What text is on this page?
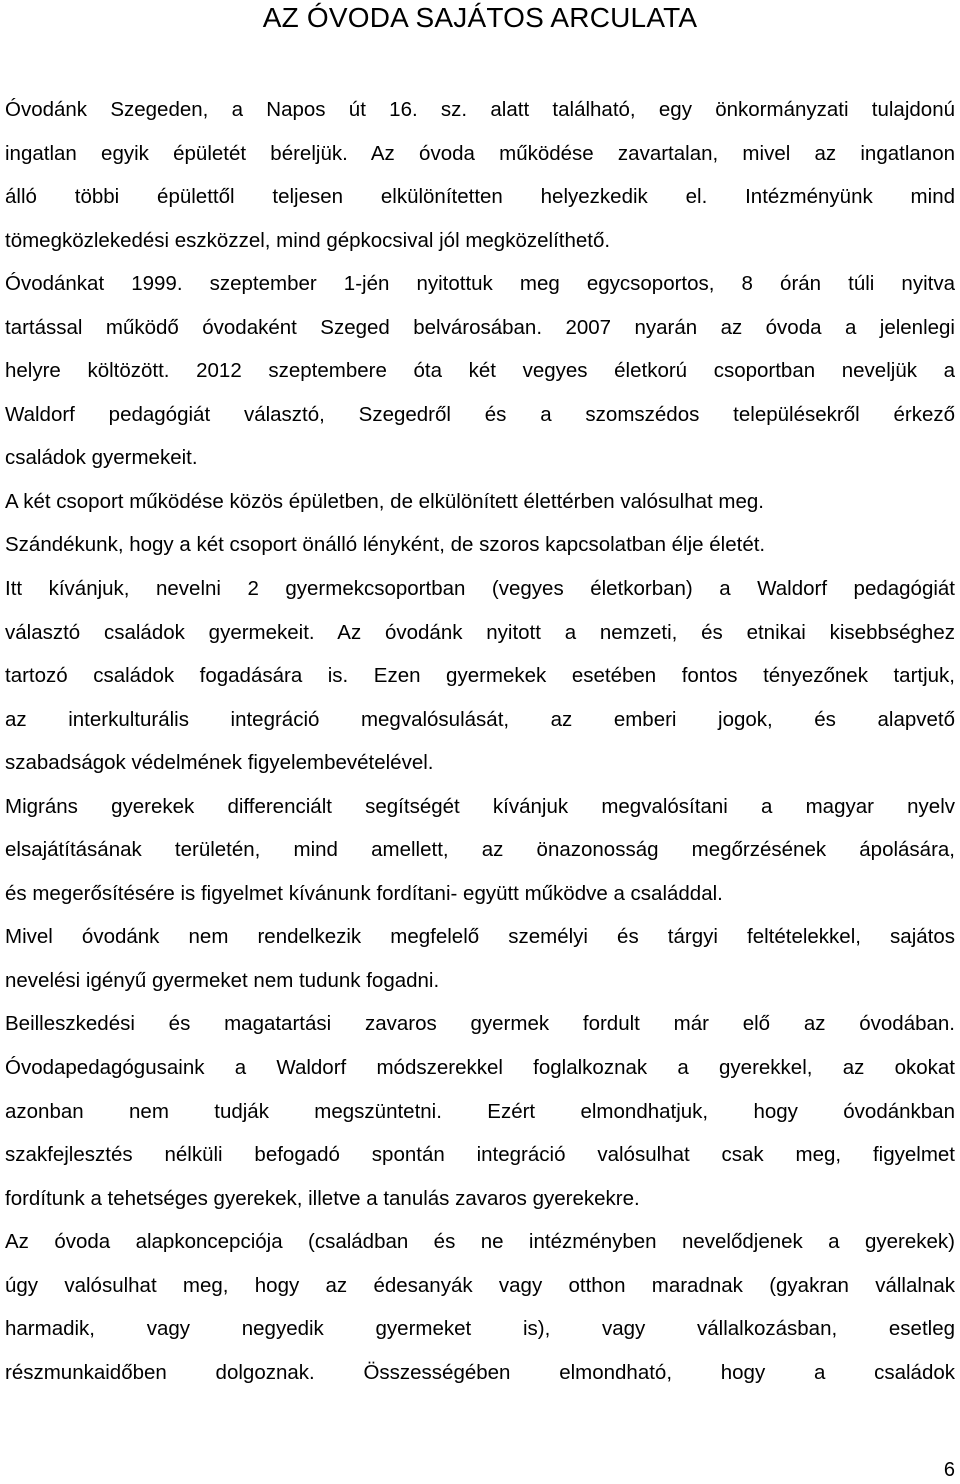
AZ ÓVODA SAJÁTOS ARCULATA
Óvodánk Szegeden, a Napos út 16. sz. alatt található, egy önkormányzati tulajdonú
ingatlan egyik épületét béreljük. Az óvoda működése zavartalan, mivel az ingatlanon
álló többi épülettől teljesen elkülönítetten helyezkedik el. Intézményünk mind
tömegközlekedési eszközzel, mind gépkocsival jól megközelíthető.
Óvodánkat 1999. szeptember 1-jén nyitottuk meg egycsoportos, 8 órán túli nyitva
tartással működő óvodaként Szeged belvárosában. 2007 nyarán az óvoda a jelenlegi
helyre költözött. 2012 szeptembere óta két vegyes életkorú csoportban neveljük a
Waldorf pedagógiát választó, Szegedről és a szomszédos településekről érkező
családok gyermekeit.
A két csoport működése közös épületben, de elkülönített élettérben valósulhat meg.
Szándékunk, hogy a két csoport önálló lényként, de szoros kapcsolatban élje életét.
Itt kívánjuk, nevelni 2 gyermekcsoportban (vegyes életkorban) a Waldorf pedagógiát
választó családok gyermekeit. Az óvodánk nyitott a nemzeti, és etnikai kisebbséghez
tartozó családok fogadására is. Ezen gyermekek esetében fontos tényezőnek tartjuk,
az interkulturális integráció megvalósulását, az emberi jogok, és alapvető
szabadságok védelmének figyelembevételével.
Migráns gyerekek differenciált segítségét kívánjuk megvalósítani a magyar nyelv
elsajátításának területén, mind amellett, az önazonosság megőrzésének ápolására,
és megerősítésére is figyelmet kívánunk fordítani- együtt működve a családdal.
Mivel óvodánk nem rendelkezik megfelelő személyi és tárgyi feltételekkel, sajátos
nevelési igényű gyermeket nem tudunk fogadni.
Beilleszkedési és magatartási zavaros gyermek fordult már elő az óvodában.
Óvodapedagógusaink a Waldorf módszerekkel foglalkoznak a gyerekkel, az okokat
azonban nem tudják megszüntetni. Ezért elmondhatjuk, hogy óvodánkban
szakfejlesztés nélküli befogadó spontán integráció valósulhat csak meg, figyelmet
fordítunk a tehetséges gyerekek, illetve a tanulás zavaros gyerekekre.
Az óvoda alapkoncepciója (családban és ne intézményben nevelődjenek a gyerekek)
úgy valósulhat meg, hogy az édesanyák vagy otthon maradnak (gyakran vállalnak
harmadik, vagy negyedik gyermeket is), vagy vállalkozásban, esetleg
részmunkaidőben dolgoznak. Összességében elmondható, hogy a családok
6
